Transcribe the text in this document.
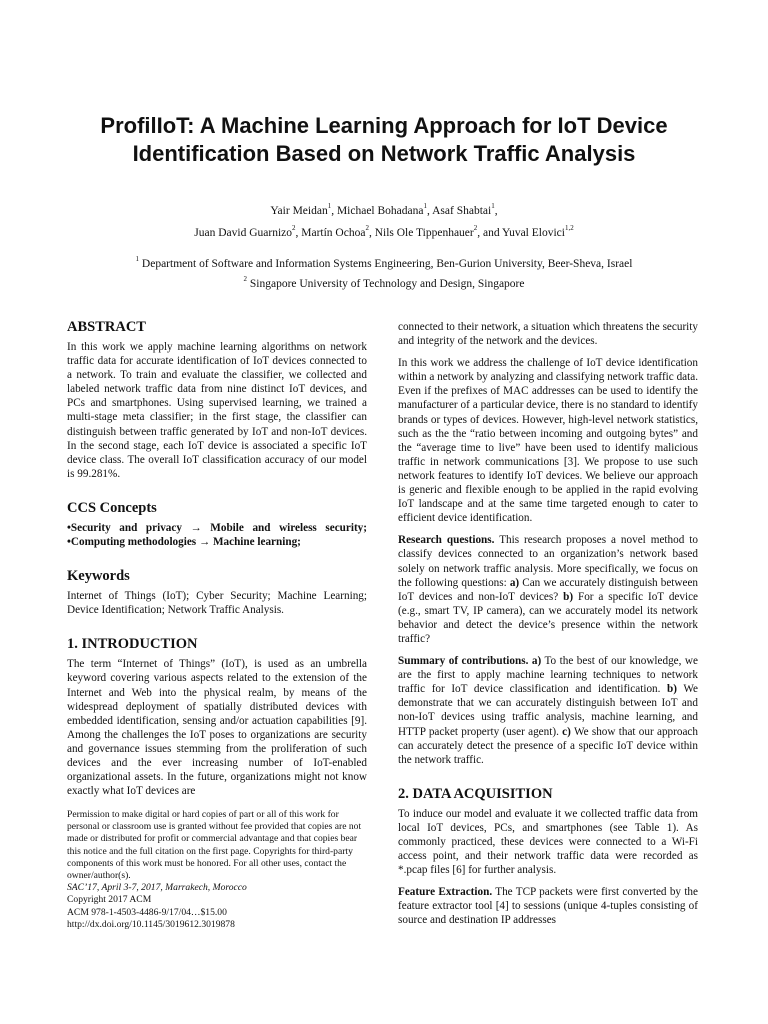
ProfilIoT: A Machine Learning Approach for IoT Device
Identification Based on Network Traffic Analysis
Yair Meidan$^1$, Michael Bohadana$^1$, Asaf Shabtai$^1$,
Juan David Guarnizo$^2$, Martín Ochoa$^2$, Nils Ole Tippenhauer$^2$, and Yuval Elovici$^{1,2}$
$^1$ Department of Software and Information Systems Engineering, Ben-Gurion University, Beer-Sheva, Israel
$^2$ Singapore University of Technology and Design, Singapore
ABSTRACT

In this work we apply machine learning algorithms on network traffic data for accurate identification of IoT devices connected to a network. To train and evaluate the classifier, we collected and labeled network traffic data from nine distinct IoT devices, and PCs and smartphones. Using supervised learning, we trained a multi-stage meta classifier; in the first stage, the classifier can distinguish between traffic generated by IoT and non-IoT devices. In the second stage, each IoT device is associated a specific IoT device class. The overall IoT classification accuracy of our model is 99.281%.

CCS Concepts

•Security and privacy → Mobile and wireless security; •Computing methodologies → Machine learning;

Keywords

Internet of Things (IoT); Cyber Security; Machine Learning; Device Identification; Network Traffic Analysis.

1. INTRODUCTION

The term “Internet of Things” (IoT), is used as an umbrella keyword covering various aspects related to the extension of the Internet and Web into the physical realm, by means of the widespread deployment of spatially distributed devices with embedded identification, sensing and/or actuation capabilities [9]. Among the challenges the IoT poses to organizations are security and governance issues stemming from the proliferation of such devices and the ever increasing number of IoT-enabled organizational assets. In the future, organizations might not know exactly what IoT devices are

Permission to make digital or hard copies of part or all of this work for personal or classroom use is granted without fee provided that copies are not made or distributed for profit or commercial advantage and that copies bear this notice and the full citation on the first page. Copyrights for third-party components of this work must be honored. For all other uses, contact the owner/author(s).
SAC’17, April 3-7, 2017, Marrakech, Morocco
Copyright 2017 ACM
ACM 978-1-4503-4486-9/17/04…$15.00
http://dx.doi.org/10.1145/3019612.3019878

connected to their network, a situation which threatens the security and integrity of the network and the devices.

In this work we address the challenge of IoT device identification within a network by analyzing and classifying network traffic data. Even if the prefixes of MAC addresses can be used to identify the manufacturer of a particular device, there is no standard to identify brands or types of devices. However, high-level network statistics, such as the the “ratio between incoming and outgoing bytes” and the “average time to live” have been used to identify malicious traffic in network communications [3]. We propose to use such network features to identify IoT devices. We believe our approach is generic and flexible enough to be applied in the rapid evolving IoT landscape and at the same time targeted enough to cater to efficient device identification.

Research questions. This research proposes a novel method to classify devices connected to an organization’s network based solely on network traffic analysis. More specifically, we focus on the following questions: a) Can we accurately distinguish between IoT devices and non-IoT devices? b) For a specific IoT device (e.g., smart TV, IP camera), can we accurately model its network behavior and detect the device’s presence within the network traffic?

Summary of contributions. a) To the best of our knowledge, we are the first to apply machine learning techniques to network traffic for IoT device classification and identification. b) We demonstrate that we can accurately distinguish between IoT and non-IoT devices using traffic analysis, machine learning, and HTTP packet property (user agent). c) We show that our approach can accurately detect the presence of a specific IoT device within the network traffic.

2. DATA ACQUISITION

To induce our model and evaluate it we collected traffic data from local IoT devices, PCs, and smartphones (see Table 1). As commonly practiced, these devices were connected to a Wi-Fi access point, and their network traffic data were recorded as *.pcap files [6] for further analysis.

Feature Extraction. The TCP packets were first converted by the feature extractor tool [4] to sessions (unique 4-tuples consisting of source and destination IP addresses
